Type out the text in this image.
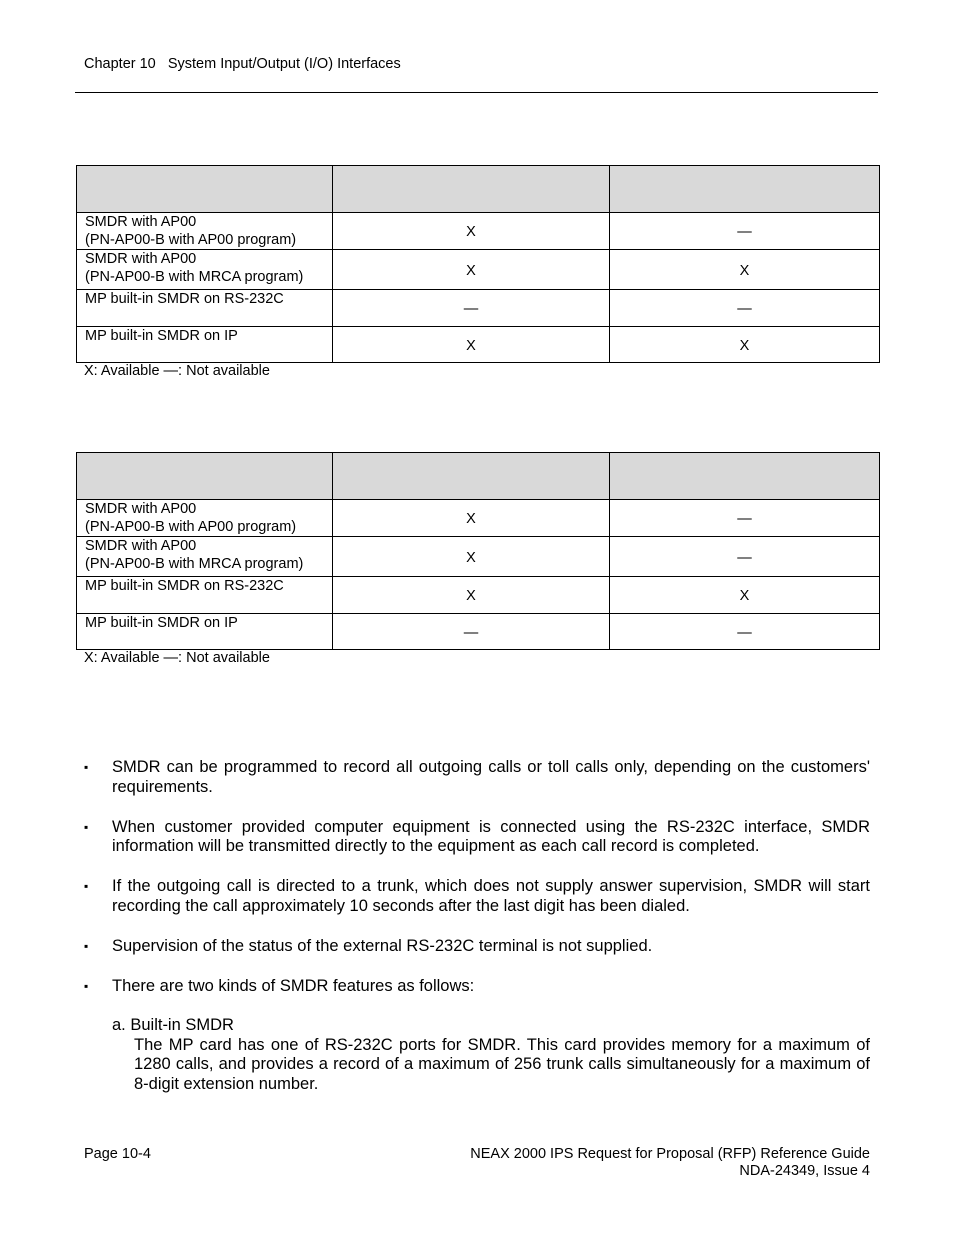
Chapter 10 System Input/Output (I/O) Interfaces

SMDR with AP00
(PN-AP00-B with AP00 program)	X	—
SMDR with AP00
(PN-AP00-B with MRCA program)	X	X
MP built-in SMDR on RS-232C	—	—
MP built-in SMDR on IP	X	X
X: Available —: Not available

SMDR with AP00
(PN-AP00-B with AP00 program)	X	—
SMDR with AP00
(PN-AP00-B with MRCA program)	X	—
MP built-in SMDR on RS-232C	X	X
MP built-in SMDR on IP	—	—
X: Available —: Not available
▪ SMDR can be programmed to record all outgoing calls or toll calls only, depending on the customers' requirements.
▪ When customer provided computer equipment is connected using the RS-232C interface, SMDR information will be transmitted directly to the equipment as each call record is completed.
▪ If the outgoing call is directed to a trunk, which does not supply answer supervision, SMDR will start recording the call approximately 10 seconds after the last digit has been dialed.
▪ Supervision of the status of the external RS-232C terminal is not supplied.
▪ There are two kinds of SMDR features as follows:
a. Built-in SMDR
The MP card has one of RS-232C ports for SMDR. This card provides memory for a maximum of 1280 calls, and provides a record of a maximum of 256 trunk calls simultaneously for a maximum of 8-digit extension number.
Page 10-4	NEAX 2000 IPS Request for Proposal (RFP) Reference Guide
NDA-24349, Issue 4
